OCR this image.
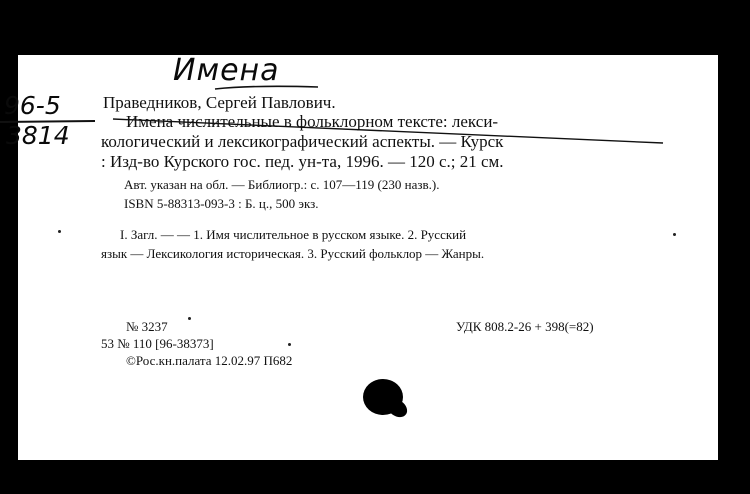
Имена
96-5
3814
Праведников, Сергей Павлович.
Имена числительные в фольклорном тексте: лекси-
кологический и лексикографический аспекты. — Курск
: Изд-во Курского гос. пед. ун-та, 1996. — 120 с.; 21 см.
Авт. указан на обл. — Библиогр.: с. 107—119 (230 назв.).
ISBN 5-88313-093-3 : Б. ц., 500 экз.
I. Загл. — — 1. Имя числительное в русском языке. 2. Русский
язык — Лексикология историческая. 3. Русский фольклор — Жанры.
№ 3237	УДК 808.2-26 + 398(=82)
53 № 110 [96-38373]
©Рос.кн.палата 12.02.97 П682
